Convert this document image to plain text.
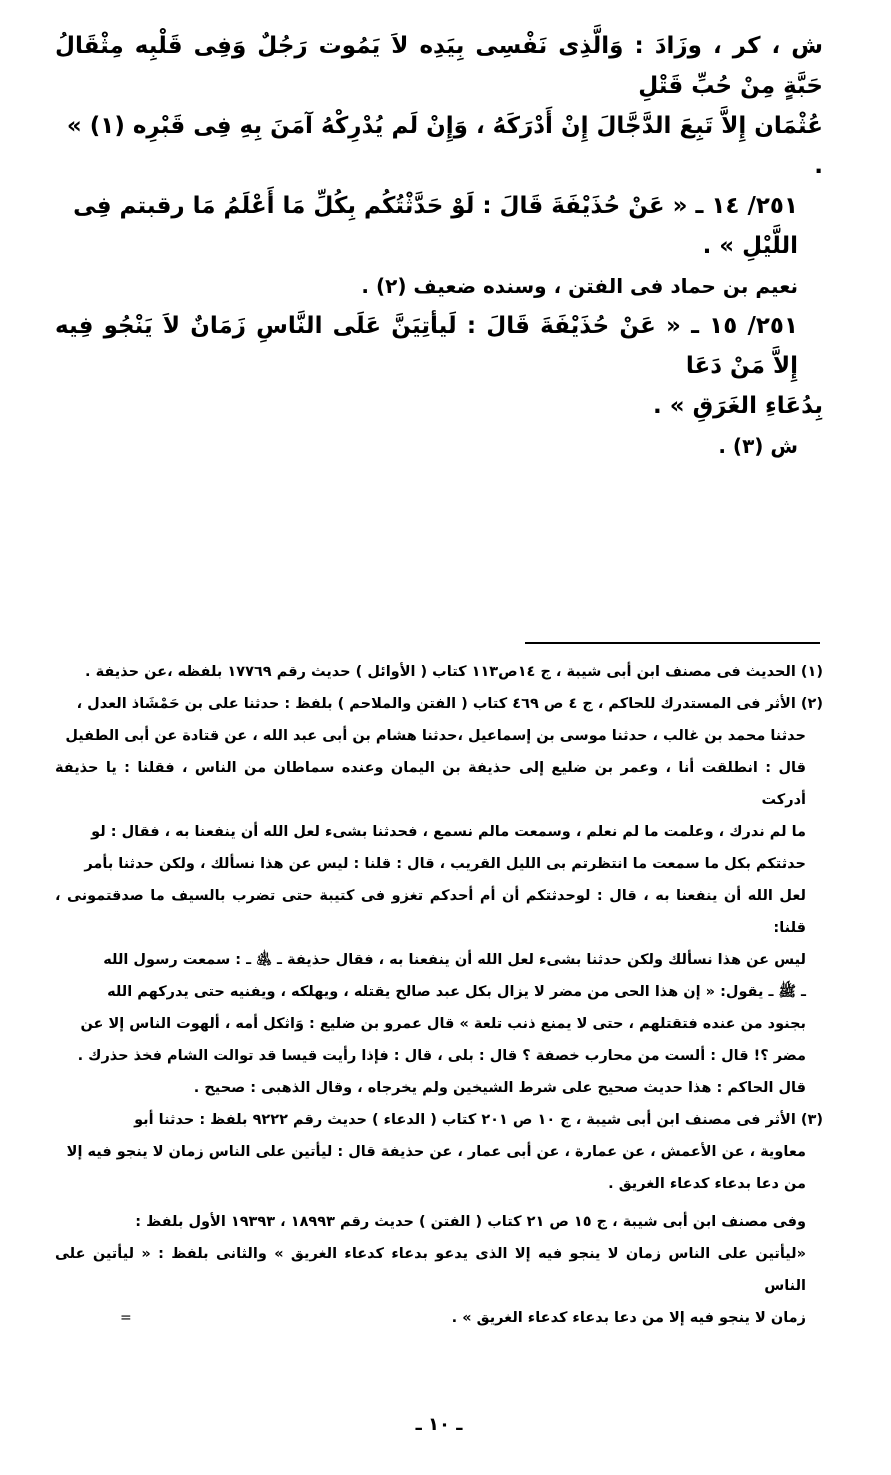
ش ، كر ، وزَادَ : وَالَّذِى نَفْسِى بِيَدِه لاَ يَمُوت رَجُلٌ وَفِى قَلْبِه مِثْقَالُ حَبَّةٍ مِنْ حُبِّ قَتْلِ
عُثْمَان إِلاَّ تَبِعَ الدَّجَّالَ إِنْ أَدْرَكَهُ ، وَإِنْ لَم يُدْرِكْهُ آمَنَ بِهِ فِى قَبْرِه (١) » .
٢٥١/ ١٤ ـ « عَنْ حُذَيْفَةَ قَالَ : لَوْ حَدَّثْتُكُم بِكُلِّ مَا أَعْلَمُ مَا رقبتم فِى اللَّيْلِ » .
نعيم بن حماد فى الفتن ، وسنده ضعيف (٢) .
٢٥١/ ١٥ ـ « عَنْ حُذَيْفَةَ قَالَ : لَيأتِيَنَّ عَلَى النَّاسِ زَمَانٌ لاَ يَنْجُو فِيه إِلاَّ مَنْ دَعَا
بِدُعَاءِ الغَرَقِ » .
ش (٣) .
(١) الحديث فى مصنف ابن أبى شيبة ، ج ١٤ص١١٣ كتاب ( الأوائل ) حديث رقم ١٧٧٦٩ بلفظه ،عن حذيفة .
(٢) الأثر فى المستدرك للحاكم ، ج ٤ ص ٤٦٩ كتاب ( الفتن والملاحم ) بلفظ : حدثنا على بن حَمْشَاذ العدل ،
حدثنا محمد بن غالب ، حدثنا موسى بن إسماعيل ،حدثنا هشام بن أبى عبد الله ، عن قتادة عن أبى الطفيل
قال : انطلقت أنا ، وعمر بن ضليع إلى حذيفة بن اليمان وعنده سماطان من الناس ، فقلنا : يا حذيفة أدركت
ما لم ندرك ، وعلمت ما لم نعلم ، وسمعت مالم نسمع ، فحدثنا بشىء لعل الله أن ينفعنا به ، فقال : لو
حدثتكم بكل ما سمعت ما انتظرتم بى الليل القريب ، قال : قلنا : ليس عن هذا نسألك ، ولكن حدثنا بأمر
لعل الله أن ينفعنا به ، قال : لوحدثتكم أن أم أحدكم تغزو فى كتيبة حتى تضرب بالسيف ما صدقتمونى ، قلنا:
ليس عن هذا نسألك ولكن حدثنا بشىء لعل الله أن ينفعنا به ، فقال حذيفة ـ ﵁ ـ : سمعت رسول الله
ـ ﷺ ـ يقول: « إن هذا الحى من مضر لا يزال بكل عبد صالح يقتله ، ويهلكه ، ويفنيه حتى يدركهم الله
بجنود من عنده فتقتلهم ، حتى لا يمنع ذنب تلعة » قال عمرو بن ضليع : وَاثكل أمه ، ألهوت الناس إلا عن
مضر ؟! قال : ألست من محارب خصفة ؟ قال : بلى ، قال : فإذا رأيت قيسا قد توالت الشام فخذ حذرك .
قال الحاكم : هذا حديث صحيح على شرط الشيخين ولم يخرجاه ، وقال الذهبى : صحيح .
(٣) الأثر فى مصنف ابن أبى شيبة ، ج ١٠ ص ٢٠١ كتاب ( الدعاء ) حديث رقم ٩٢٢٢ بلفظ : حدثنا أبو
معاوية ، عن الأعمش ، عن عمارة ، عن أبى عمار ، عن حذيفة قال : ليأتين على الناس زمان لا ينجو فيه إلا
من دعا بدعاء كدعاء الغريق .
وفى مصنف ابن أبى شيبة ، ج ١٥ ص ٢١ كتاب ( الفتن ) حديث رقم ١٨٩٩٣ ، ١٩٣٩٣ الأول بلفظ :
«ليأتين على الناس زمان لا ينجو فيه إلا الذى يدعو بدعاء كدعاء الغريق » والثانى بلفظ : « ليأتين على الناس
زمان لا ينجو فيه إلا من دعا بدعاء كدعاء الغريق » .
=
ـ ١٠ ـ
